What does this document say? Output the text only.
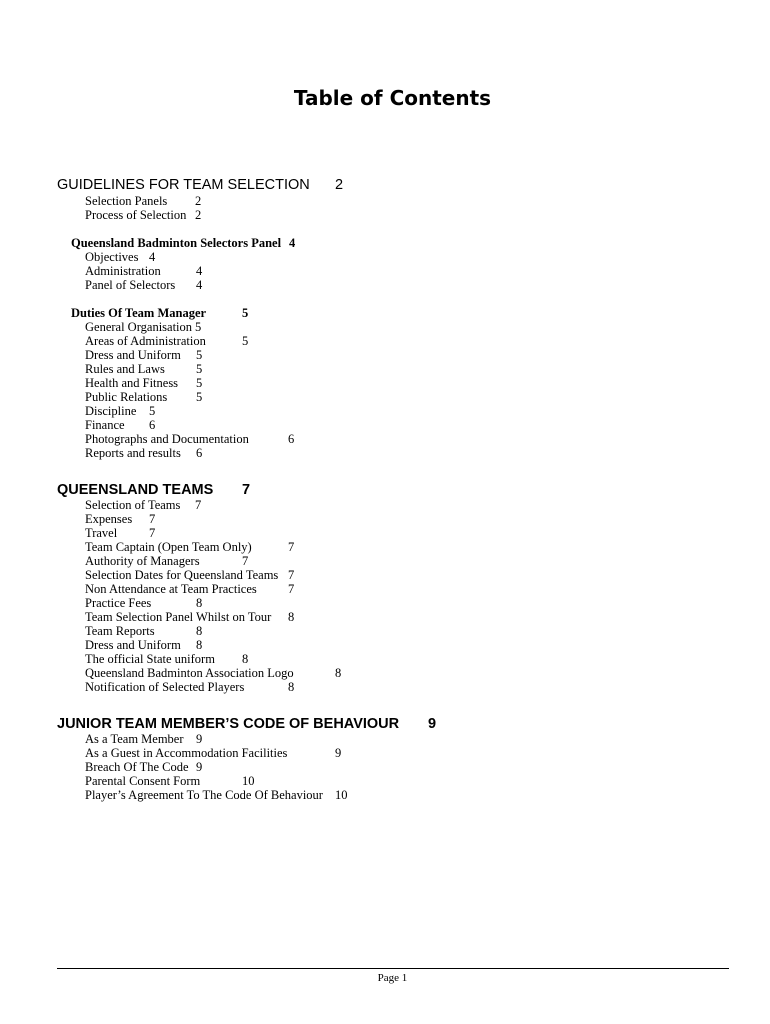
Table of Contents
GUIDELINES FOR TEAM SELECTION 2
Selection Panels 2
Process of Selection 2
Queensland Badminton Selectors Panel 4
Objectives 4
Administration	4
Panel of Selectors 4
Duties Of Team Manager	5
General Organisation 5
Areas of Administration	5
Dress and Uniform 5
Rules and Laws 5
Health and Fitness 5
Public Relations 5
Discipline 5
Finance 6
Photographs and Documentation	6
Reports and results 6
QUEENSLAND TEAMS 7
Selection of Teams 7
Expenses 7
Travel	7
Team Captain (Open Team Only)	7
Authority of Managers	7
Selection Dates for Queensland Teams 7
Non Attendance at Team Practices	7
Practice Fees	8
Team Selection Panel Whilst on Tour 8
Team Reports	8
Dress and Uniform 8
The official State uniform 8
Queensland Badminton Association Logo	8
Notification of Selected Players	8
JUNIOR TEAM MEMBER’S CODE OF BEHAVIOUR 9
As a Team Member 9
As a Guest in Accommodation Facilities	9
Breach Of The Code 9
Parental Consent Form	10
Player’s Agreement To The Code Of Behaviour 10
Page 1
